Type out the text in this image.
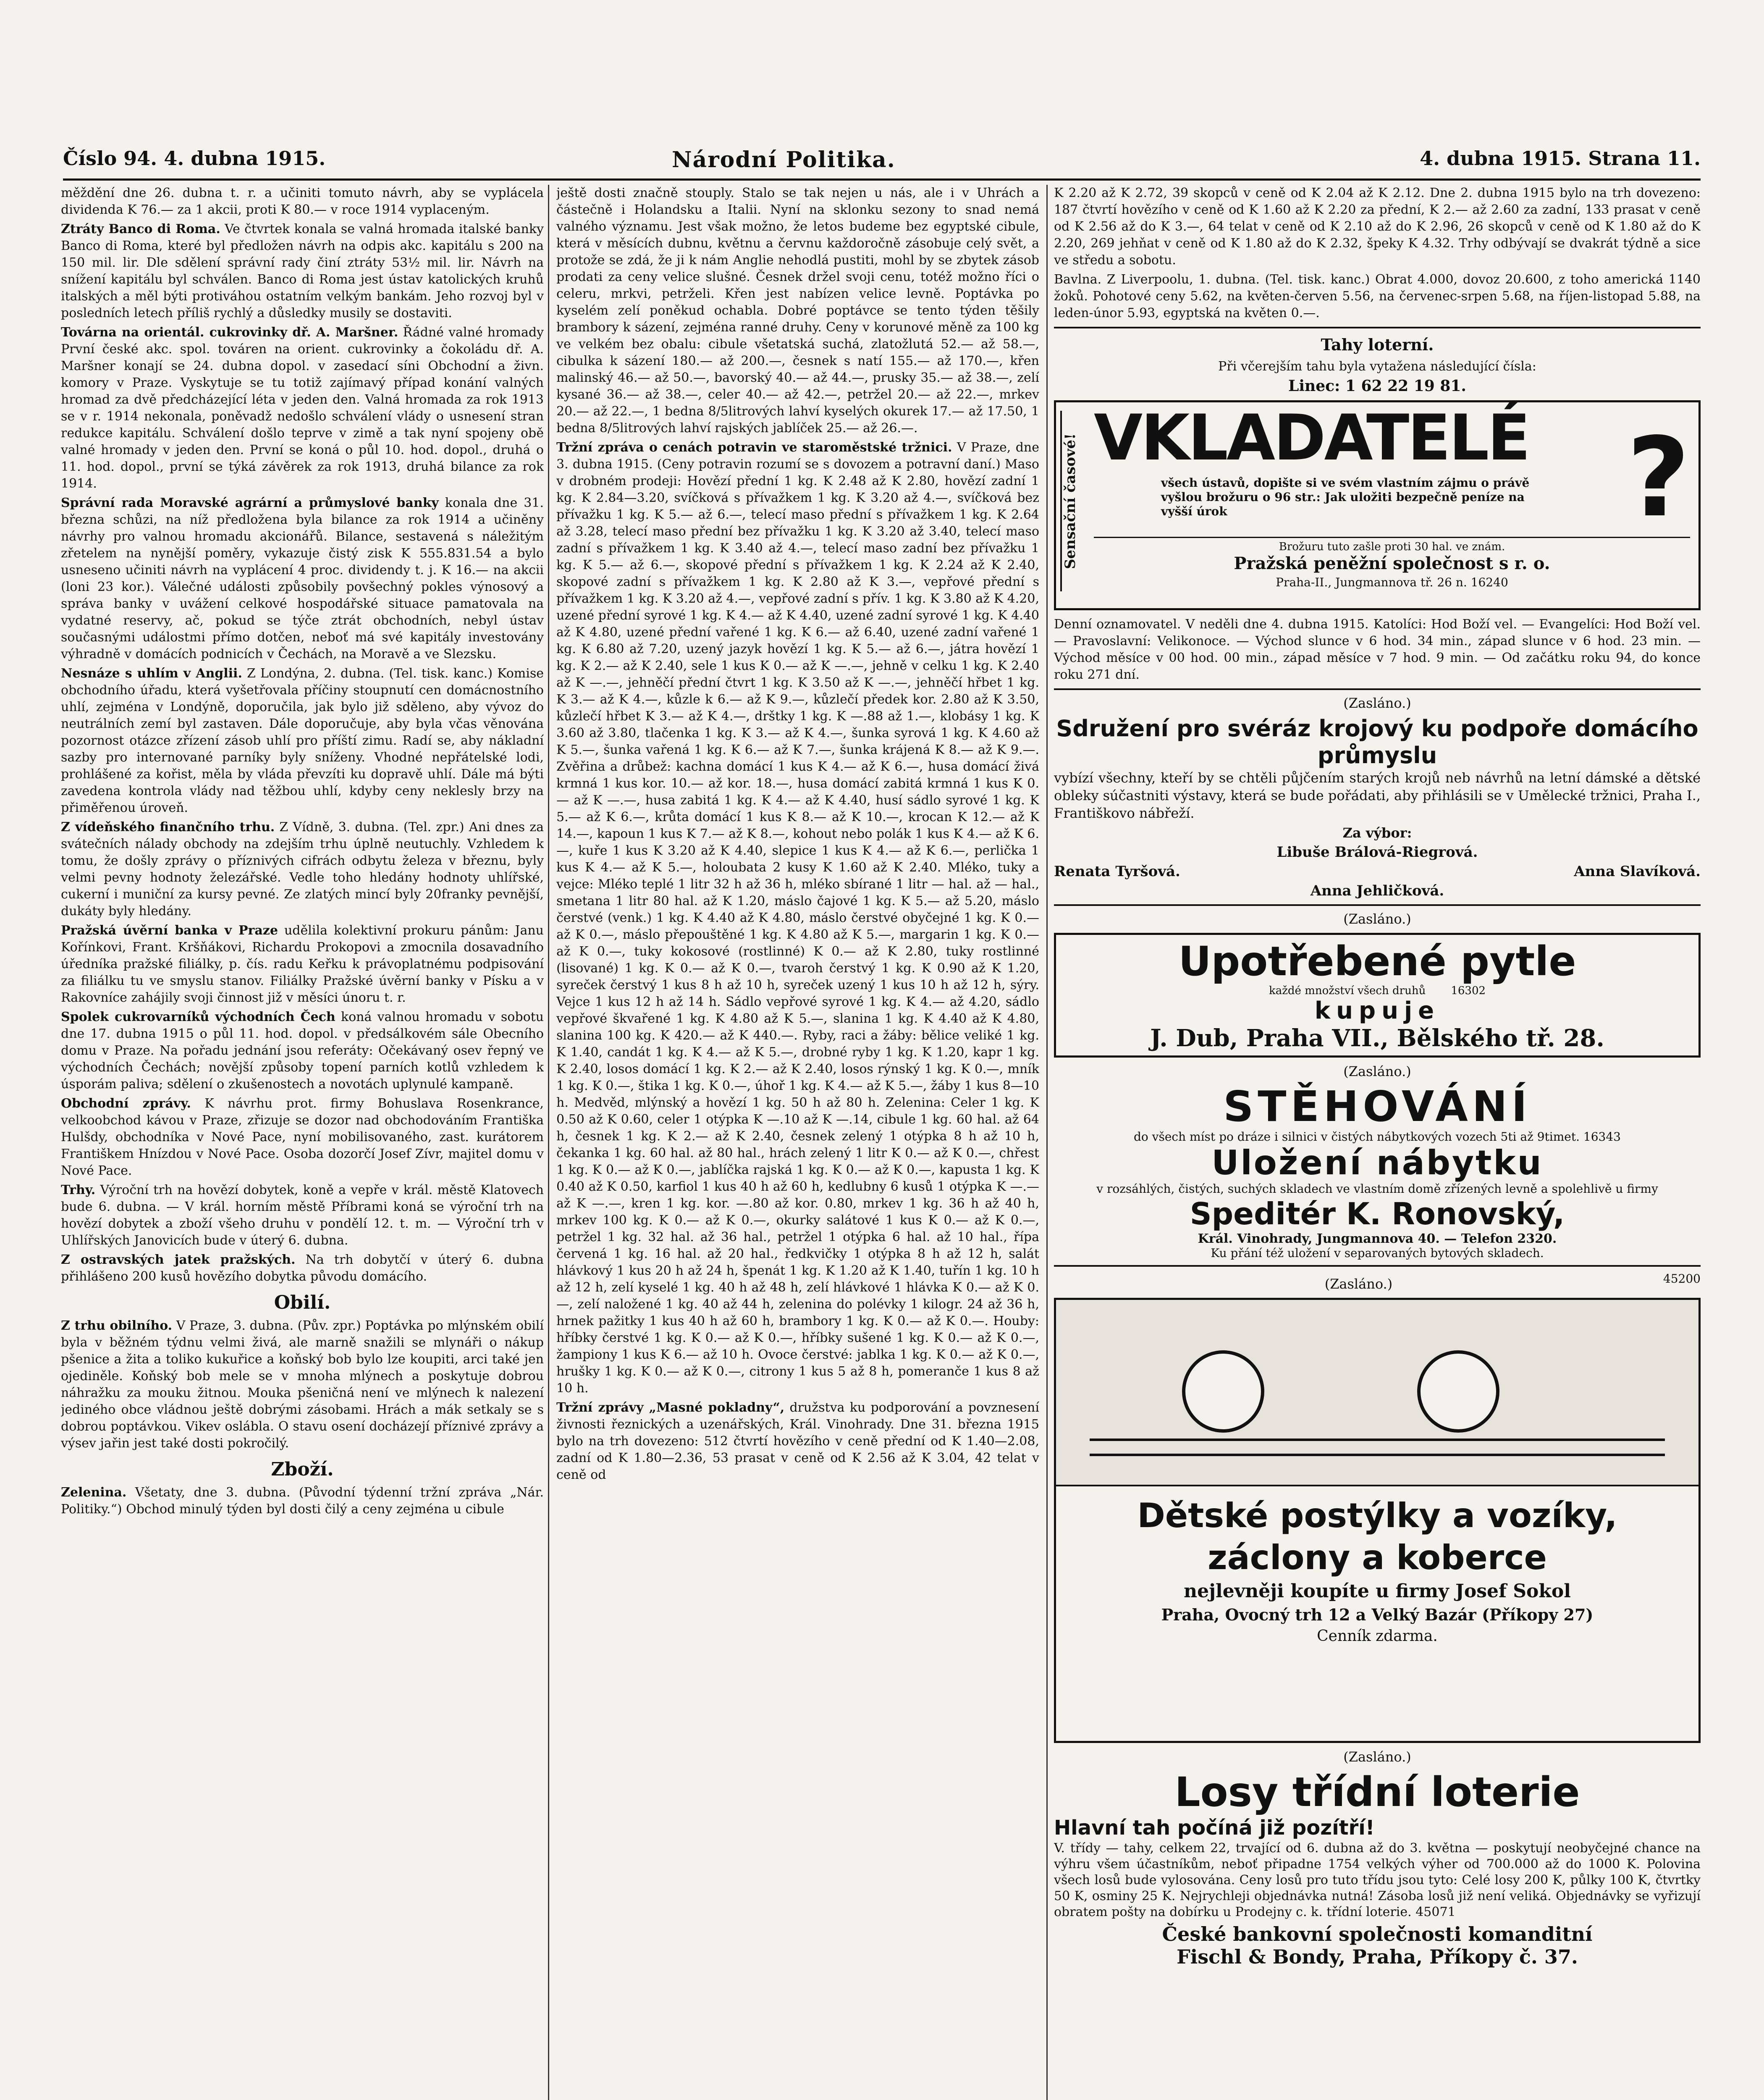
Číslo 94. 4. dubna 1915.	Národní Politika.	4. dubna 1915. Strana 11.

měždění dne 26. dubna t. r. a učiniti tomuto návrh, aby se vyplácela dividenda K 76.— za 1 akcii, proti K 80.— v roce 1914 vyplaceným.

Ztráty Banco di Roma. Ve čtvrtek konala se valná hromada italské banky Banco di Roma, které byl předložen návrh na odpis akc. kapitálu s 200 na 150 mil. lir. Dle sdělení správní rady činí ztráty 53½ mil. lir. Návrh na snížení kapitálu byl schválen. Banco di Roma jest ústav katolických kruhů italských a měl býti protiváhou ostatním velkým bankám. Jeho rozvoj byl v posledních letech příliš rychlý a důsledky musily se dostaviti.

Továrna na orientál. cukrovinky dř. A. Maršner. Řádné valné hromady První české akc. spol. továren na orient. cukrovinky a čokoládu dř. A. Maršner konají se 24. dubna dopol. v zasedací síni Obchodní a živn. komory v Praze. Vyskytuje se tu totiž zajímavý případ konání valných hromad za dvě předcházející léta v jeden den. Valná hromada za rok 1913 se v r. 1914 nekonala, poněvadž nedošlo schválení vlády o usnesení stran redukce kapitálu. Schválení došlo teprve v zimě a tak nyní spojeny obě valné hromady v jeden den. První se koná o půl 10. hod. dopol., druhá o 11. hod. dopol., první se týká závěrek za rok 1913, druhá bilance za rok 1914.

Správní rada Moravské agrární a průmyslové banky konala dne 31. března schůzi, na níž předložena byla bilance za rok 1914 a učiněny návrhy pro valnou hromadu akcionářů. Bilance, sestavená s náležitým zřetelem na nynější poměry, vykazuje čistý zisk K 555.831.54 a bylo usneseno učiniti návrh na vyplácení 4 proc. dividendy t. j. K 16.— na akcii (loni 23 kor.). Válečné události způsobily povšechný pokles výnosový a správa banky v uvážení celkové hospodářské situace pamatovala na vydatné reservy, ač, pokud se týče ztrát obchodních, nebyl ústav současnými událostmi přímo dotčen, neboť má své kapitály investovány výhradně v domácích podnicích v Čechách, na Moravě a ve Slezsku.

Nesnáze s uhlím v Anglii. Z Londýna, 2. dubna. (Tel. tisk. kanc.) Komise obchodního úřadu, která vyšetřovala příčiny stoupnutí cen domácnostního uhlí, zejména v Londýně, doporučila, jak bylo již sděleno, aby vývoz do neutrálních zemí byl zastaven. Dále doporučuje, aby byla včas věnována pozornost otázce zřízení zásob uhlí pro příští zimu. Radí se, aby nákladní sazby pro internované parníky byly sníženy. Vhodné nepřátelské lodi, prohlášené za kořist, měla by vláda převzíti ku dopravě uhlí. Dále má býti zavedena kontrola vlády nad těžbou uhlí, kdyby ceny neklesly brzy na přiměřenou úroveň.

Z vídeňského finančního trhu. Z Vídně, 3. dubna. (Tel. zpr.) Ani dnes za svátečních nálady obchody na zdejším trhu úplně neutuchly. Vzhledem k tomu, že došly zprávy o příznivých cifrách odbytu železa v březnu, byly velmi pevny hodnoty železářské. Vedle toho hledány hodnoty uhlířské, cukerní i muniční za kursy pevné. Ze zlatých mincí byly 20franky pevnější, dukáty byly hledány.

Pražská úvěrní banka v Praze udělila kolektivní prokuru pánům: Janu Kořínkovi, Frant. Kršňákovi, Richardu Prokopovi a zmocnila dosavadního úředníka pražské filiálky, p. čís. radu Keřku k právoplatnému podpisování za filiálku tu ve smyslu stanov. Filiálky Pražské úvěrní banky v Písku a v Rakovníce zahájily svoji činnost již v měsíci únoru t. r.

Spolek cukrovarníků východních Čech koná valnou hromadu v sobotu dne 17. dubna 1915 o půl 11. hod. dopol. v předsálkovém sále Obecního domu v Praze. Na pořadu jednání jsou referáty: Očekávaný osev řepný ve východních Čechách; novější způsoby topení parních kotlů vzhledem k úsporám paliva; sdělení o zkušenostech a novotách uplynulé kampaně.

Obchodní zprávy. K návrhu prot. firmy Bohuslava Rosenkrance, velkoobchod kávou v Praze, zřizuje se dozor nad obchodováním Františka Hulšdy, obchodníka v Nové Pace, nyní mobilisovaného, zast. kurátorem Františkem Hnízdou v Nové Pace. Osoba dozorčí Josef Zívr, majitel domu v Nové Pace.

Trhy. Výroční trh na hovězí dobytek, koně a vepře v král. městě Klatovech bude 6. dubna. — V král. horním městě Příbrami koná se výroční trh na hovězí dobytek a zboží všeho druhu v pondělí 12. t. m. — Výroční trh v Uhlířských Janovicích bude v úterý 6. dubna.

Z ostravských jatek pražských. Na trh dobytčí v úterý 6. dubna přihlášeno 200 kusů hovězího dobytka původu domácího.

Obilí.

Z trhu obilního. V Praze, 3. dubna. (Pův. zpr.) Poptávka po mlýnském obilí byla v běžném týdnu velmi živá, ale marně snažili se mlynáři o nákup pšenice a žita a toliko kukuřice a koňský bob bylo lze koupiti, arci také jen ojediněle. Koňský bob mele se v mnoha mlýnech a poskytuje dobrou náhražku za mouku žitnou. Mouka pšeničná není ve mlýnech k nalezení jediného obce vládnou ještě dobrými zásobami. Hrách a mák setkaly se s dobrou poptávkou. Vikev oslábla. O stavu osení docházejí příznivé zprávy a výsev jařin jest také dosti pokročilý.

Zboží.

Zelenina. Všetaty, dne 3. dubna. (Původní týdenní tržní zpráva „Nár. Politiky.“) Obchod minulý týden byl dosti čilý a ceny zejména u cibule

ještě dosti značně stouply. Stalo se tak nejen u nás, ale i v Uhrách a částečně i Holandsku a Italii. Nyní na sklonku sezony to snad nemá valného významu. Jest však možno, že letos budeme bez egyptské cibule, která v měsících dubnu, květnu a červnu každoročně zásobuje celý svět, a protože se zdá, že ji k nám Anglie nehodlá pustiti, mohl by se zbytek zásob prodati za ceny velice slušné. Česnek držel svoji cenu, totéž možno říci o celeru, mrkvi, petrželi. Křen jest nabízen velice levně. Poptávka po kyselém zelí poněkud ochabla. Dobré poptávce se tento týden těšily brambory k sázení, zejména ranné druhy. Ceny v korunové měně za 100 kg ve velkém bez obalu: cibule všetatská suchá, zlatožlutá 52.— až 58.—, cibulka k sázení 180.— až 200.—, česnek s natí 155.— až 170.—, křen malinský 46.— až 50.—, bavorský 40.— až 44.—, prusky 35.— až 38.—, zelí kysané 36.— až 38.—, celer 40.— až 42.—, petržel 20.— až 22.—, mrkev 20.— až 22.—, 1 bedna 8/5litrových lahví kyselých okurek 17.— až 17.50, 1 bedna 8/5litrových lahví rajských jablíček 25.— až 26.—.

Tržní zpráva o cenách potravin ve staroměstské tržnici. V Praze, dne 3. dubna 1915. (Ceny potravin rozumí se s dovozem a potravní daní.) Maso v drobném prodeji: Hovězí přední 1 kg. K 2.48 až K 2.80, hovězí zadní 1 kg. K 2.84—3.20, svíčková s přívažkem 1 kg. K 3.20 až 4.—, svíčková bez přívažku 1 kg. K 5.— až 6.—, telecí maso přední s přívažkem 1 kg. K 2.64 až 3.28, telecí maso přední bez přívažku 1 kg. K 3.20 až 3.40, telecí maso zadní s přívažkem 1 kg. K 3.40 až 4.—, telecí maso zadní bez přívažku 1 kg. K 5.— až 6.—, skopové přední s přívažkem 1 kg. K 2.24 až K 2.40, skopové zadní s přívažkem 1 kg. K 2.80 až K 3.—, vepřové přední s přívažkem 1 kg. K 3.20 až 4.—, vepřové zadní s přív. 1 kg. K 3.80 až K 4.20, uzené přední syrové 1 kg. K 4.— až K 4.40, uzené zadní syrové 1 kg. K 4.40 až K 4.80, uzené přední vařené 1 kg. K 6.— až 6.40, uzené zadní vařené 1 kg. K 6.80 až 7.20, uzený jazyk hovězí 1 kg. K 5.— až 6.—, játra hovězí 1 kg. K 2.— až K 2.40, sele 1 kus K 0.— až K —.—, jehně v celku 1 kg. K 2.40 až K —.—, jehněčí přední čtvrt 1 kg. K 3.50 až K —.—, jehněčí hřbet 1 kg. K 3.— až K 4.—, kůzle k 6.— až K 9.—, kůzlečí předek kor. 2.80 až K 3.50, kůzlečí hřbet K 3.— až K 4.—, drštky 1 kg. K —.88 až 1.—, klobásy 1 kg. K 3.60 až 3.80, tlačenka 1 kg. K 3.— až K 4.—, šunka syrová 1 kg. K 4.60 až K 5.—, šunka vařená 1 kg. K 6.— až K 7.—, šunka krájená K 8.— až K 9.—. Zvěřina a drůbež: kachna domácí 1 kus K 4.— až K 6.—, husa domácí živá krmná 1 kus kor. 10.— až kor. 18.—, husa domácí zabitá krmná 1 kus K 0.— až K —.—, husa zabitá 1 kg. K 4.— až K 4.40, husí sádlo syrové 1 kg. K 5.— až K 6.—, krůta domácí 1 kus K 8.— až K 10.—, krocan K 12.— až K 14.—, kapoun 1 kus K 7.— až K 8.—, kohout nebo polák 1 kus K 4.— až K 6.—, kuře 1 kus K 3.20 až K 4.40, slepice 1 kus K 4.— až K 6.—, perlička 1 kus K 4.— až K 5.—, holoubata 2 kusy K 1.60 až K 2.40. Mléko, tuky a vejce: Mléko teplé 1 litr 32 h až 36 h, mléko sbírané 1 litr — hal. až — hal., smetana 1 litr 80 hal. až K 1.20, máslo čajové 1 kg. K 5.— až 5.20, máslo čerstvé (venk.) 1 kg. K 4.40 až K 4.80, máslo čerstvé obyčejné 1 kg. K 0.— až K 0.—, máslo přepouštěné 1 kg. K 4.80 až K 5.—, margarin 1 kg. K 0.— až K 0.—, tuky kokosové (rostlinné) K 0.— až K 2.80, tuky rostlinné (lisované) 1 kg. K 0.— až K 0.—, tvaroh čerstvý 1 kg. K 0.90 až K 1.20, syreček čerstvý 1 kus 8 h až 10 h, syreček uzený 1 kus 10 h až 12 h, sýry. Vejce 1 kus 12 h až 14 h. Sádlo vepřové syrové 1 kg. K 4.— až 4.20, sádlo vepřové škvařené 1 kg. K 4.80 až K 5.—, slanina 1 kg. K 4.40 až K 4.80, slanina 100 kg. K 420.— až K 440.—. Ryby, raci a žáby: bělice veliké 1 kg. K 1.40, candát 1 kg. K 4.— až K 5.—, drobné ryby 1 kg. K 1.20, kapr 1 kg. K 2.40, losos domácí 1 kg. K 2.— až K 2.40, losos rýnský 1 kg. K 0.—, mník 1 kg. K 0.—, štika 1 kg. K 0.—, úhoř 1 kg. K 4.— až K 5.—, žáby 1 kus 8—10 h. Medvěd, mlýnský a hovězí 1 kg. 50 h až 80 h. Zelenina: Celer 1 kg. K 0.50 až K 0.60, celer 1 otýpka K —.10 až K —.14, cibule 1 kg. 60 hal. až 64 h, česnek 1 kg. K 2.— až K 2.40, česnek zelený 1 otýpka 8 h až 10 h, čekanka 1 kg. 60 hal. až 80 hal., hrách zelený 1 litr K 0.— až K 0.—, chřest 1 kg. K 0.— až K 0.—, jablíčka rajská 1 kg. K 0.— až K 0.—, kapusta 1 kg. K 0.40 až K 0.50, karfiol 1 kus 40 h až 60 h, kedlubny 6 kusů 1 otýpka K —.— až K —.—, kren 1 kg. kor. —.80 až kor. 0.80, mrkev 1 kg. 36 h až 40 h, mrkev 100 kg. K 0.— až K 0.—, okurky salátové 1 kus K 0.— až K 0.—, petržel 1 kg. 32 hal. až 36 hal., petržel 1 otýpka 6 hal. až 10 hal., řípa červená 1 kg. 16 hal. až 20 hal., ředkvičky 1 otýpka 8 h až 12 h, salát hlávkový 1 kus 20 h až 24 h, špenát 1 kg. K 1.20 až K 1.40, tuřín 1 kg. 10 h až 12 h, zelí kyselé 1 kg. 40 h až 48 h, zelí hlávkové 1 hlávka K 0.— až K 0.—, zelí naložené 1 kg. 40 až 44 h, zelenina do polévky 1 kilogr. 24 až 36 h, hrnek pažitky 1 kus 40 h až 60 h, brambory 1 kg. K 0.— až K 0.—. Houby: hříbky čerstvé 1 kg. K 0.— až K 0.—, hříbky sušené 1 kg. K 0.— až K 0.—, žampiony 1 kus K 6.— až 10 h. Ovoce čerstvé: jablka 1 kg. K 0.— až K 0.—, hrušky 1 kg. K 0.— až K 0.—, citrony 1 kus 5 až 8 h, pomeranče 1 kus 8 až 10 h.

Tržní zprávy „Masné pokladny“, družstva ku podporování a povznesení živnosti řeznických a uzenářských, Král. Vinohrady. Dne 31. března 1915 bylo na trh dovezeno: 512 čtvrtí hovězího v ceně přední od K 1.40—2.08, zadní od K 1.80—2.36, 53 prasat v ceně od K 2.56 až K 3.04, 42 telat v ceně od

K 2.20 až K 2.72, 39 skopců v ceně od K 2.04 až K 2.12. Dne 2. dubna 1915 bylo na trh dovezeno: 187 čtvrtí hovězího v ceně od K 1.60 až K 2.20 za přední, K 2.— až 2.60 za zadní, 133 prasat v ceně od K 2.56 až do K 3.—, 64 telat v ceně od K 2.10 až do K 2.96, 26 skopců v ceně od K 1.80 až do K 2.20, 269 jehňat v ceně od K 1.80 až do K 2.32, špeky K 4.32. Trhy odbývají se dvakrát týdně a sice ve středu a sobotu.

Bavlna. Z Liverpoolu, 1. dubna. (Tel. tisk. kanc.) Obrat 4.000, dovoz 20.600, z toho americká 1140 žoků. Pohotové ceny 5.62, na květen-červen 5.56, na červenec-srpen 5.68, na říjen-listopad 5.88, na leden-únor 5.93, egyptská na květen 0.—.

Tahy loterní.

Při včerejším tahu byla vytažena následující čísla:

Linec: 1 62 22 19 81.

Sensační časové! VKLADATELÉ ?
všech ústavů, dopište si ve svém vlastním zájmu o právě vyšlou brožuru o 96 str.: Jak uložiti bezpečně peníze na vyšší úrok
Brožuru tuto zašle proti 30 hal. ve znám.
Pražská peněžní společnost s r. o.
Praha-II., Jungmannova tř. 26 n. 16240

Denní oznamovatel. V neděli dne 4. dubna 1915. Katolíci: Hod Boží vel. — Evangelíci: Hod Boží vel. — Pravoslavní: Velikonoce. — Východ slunce v 6 hod. 34 min., západ slunce v 6 hod. 23 min. — Východ měsíce v 00 hod. 00 min., západ měsíce v 7 hod. 9 min. — Od začátku roku 94, do konce roku 271 dní.

(Zasláno.)
Sdružení pro svéráz krojový ku podpoře domácího průmyslu

vybízí všechny, kteří by se chtěli půjčením starých krojů neb návrhů na letní dámské a dětské obleky súčastniti výstavy, která se bude pořádati, aby přihlásili se v Umělecké tržnici, Praha I., Františkovo nábřeží.

Za výbor:

Libuše Brálová-Riegrová.

Renata Tyršová.	Anna Slavíková.

Anna Jehličková.

(Zasláno.)
Upotřebené pytle
každé množství všech druhů 16302
kupuje
J. Dub, Praha VII., Bělského tř. 28.
(Zasláno.)
STĚHOVÁNÍ
do všech míst po dráze i silnici v čistých nábytkových vozech 5ti až 9timet. 16343
Uložení nábytku
v rozsáhlých, čistých, suchých skladech ve vlastním domě zřízených levně a spolehlivě u firmy
Speditér K. Ronovský,
Král. Vinohrady, Jungmannova 40. — Telefon 2320.
Ku přání též uložení v separovaných bytových skladech.
(Zasláno.)	45200
Dětské postýlky a vozíky,
záclony a koberce
nejlevněji koupíte u firmy Josef Sokol
Praha, Ovocný trh 12 a Velký Bazár (Příkopy 27)
Cenník zdarma.
(Zasláno.)
Losy třídní loterie
Hlavní tah počíná již pozítří!

V. třídy — tahy, celkem 22, trvající od 6. dubna až do 3. května — poskytují neobyčejné chance na výhru všem účastníkům, neboť připadne 1754 velkých výher od 700.000 až do 1000 K. Polovina všech losů bude vylosována. Ceny losů pro tuto třídu jsou tyto: Celé losy 200 K, půlky 100 K, čtvrtky 50 K, osminy 25 K. Nejrychleji objednávka nutná! Zásoba losů již není veliká. Objednávky se vyřizují obratem pošty na dobírku u Prodejny c. k. třídní loterie. 45071

České bankovní společnosti komanditní
Fischl & Bondy, Praha, Příkopy č. 37.
